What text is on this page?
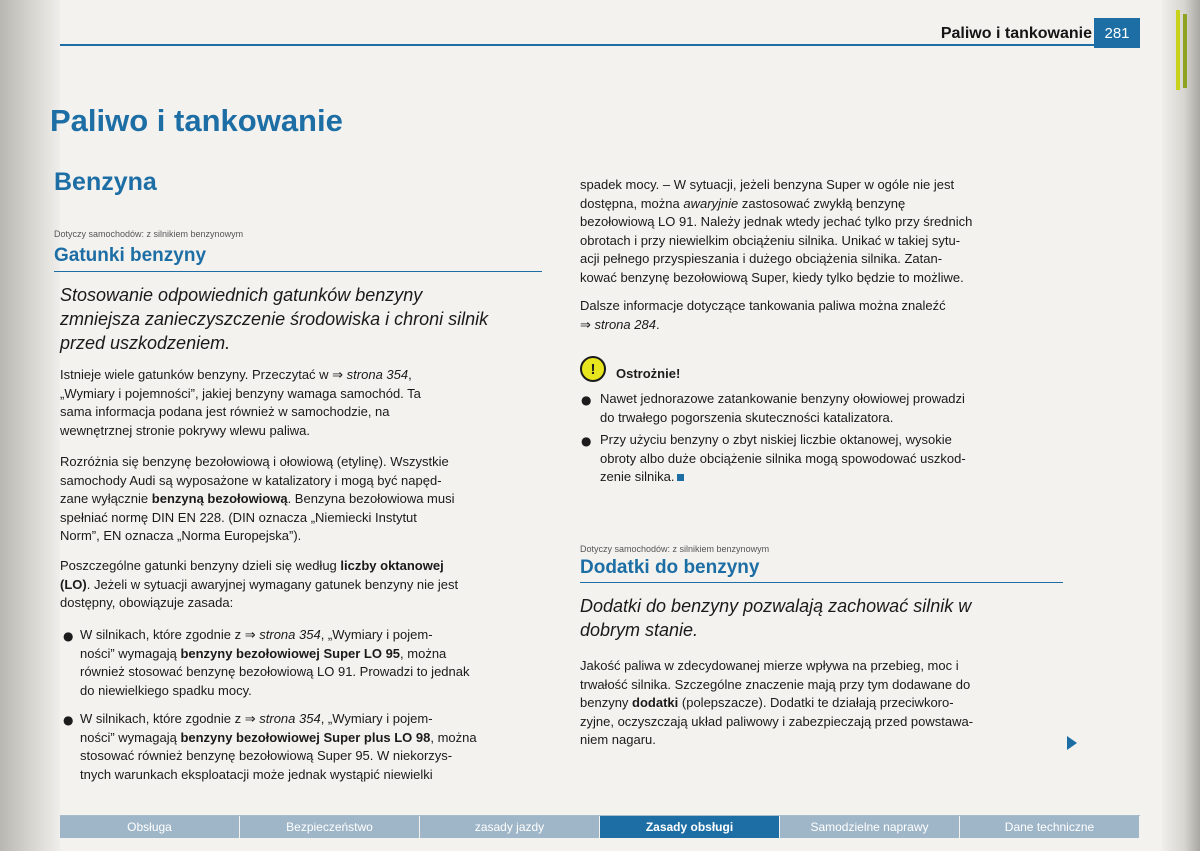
Paliwo i tankowanie 281
Paliwo i tankowanie
Benzyna
Dotyczy samochodów: z silnikiem benzynowym
Gatunki benzyny

Stosowanie odpowiednich gatunków benzyny
zmniejsza zanieczyszczenie środowiska i chroni silnik
przed uszkodzeniem.

Istnieje wiele gatunków benzyny. Przeczytać w ⇒ strona 354,
„Wymiary i pojemności”, jakiej benzyny wamaga samochód. Ta
sama informacja podana jest również w samochodzie, na
wewnętrznej stronie pokrywy wlewu paliwa.

Rozróżnia się benzynę bezołowiową i ołowiową (etylinę). Wszystkie
samochody Audi są wyposażone w katalizatory i mogą być napęd-
zane wyłącznie benzyną bezołowiową. Benzyna bezołowiowa musi
spełniać normę DIN EN 228. (DIN oznacza „Niemiecki Instytut
Norm”, EN oznacza „Norma Europejska”).

Poszczególne gatunki benzyny dzieli się według liczby oktanowej
(LO). Jeżeli w sytuacji awaryjnej wymagany gatunek benzyny nie jest
dostępny, obowiązuje zasada:

● W silnikach, które zgodnie z ⇒ strona 354, „Wymiary i pojem-
ności” wymagają benzyny bezołowiowej Super LO 95, można
również stosować benzynę bezołowiową LO 91. Prowadzi to jednak
do niewielkiego spadku mocy.

● W silnikach, które zgodnie z ⇒ strona 354, „Wymiary i pojem-
ności” wymagają benzyny bezołowiowej Super plus LO 98, można
stosować również benzynę bezołowiową Super 95. W niekorzys-
tnych warunkach eksploatacji może jednak wystąpić niewielki

spadek mocy. – W sytuacji, jeżeli benzyna Super w ogóle nie jest
dostępna, można awaryjnie zastosować zwykłą benzynę
bezołowiową LO 91. Należy jednak wtedy jechać tylko przy średnich
obrotach i przy niewielkim obciążeniu silnika. Unikać w takiej sytu-
acji pełnego przyspieszania i dużego obciążenia silnika. Zatan-
kować benzynę bezołowiową Super, kiedy tylko będzie to możliwe.

Dalsze informacje dotyczące tankowania paliwa można znaleźć
⇒ strona 284.

!	Ostrożnie!
● Nawet jednorazowe zatankowanie benzyny ołowiowej prowadzi
do trwałego pogorszenia skuteczności katalizatora.

● Przy użyciu benzyny o zbyt niskiej liczbie oktanowej, wysokie
obroty albo duże obciążenie silnika mogą spowodować uszkod-
zenie silnika.

Dotyczy samochodów: z silnikiem benzynowym
Dodatki do benzyny

Dodatki do benzyny pozwalają zachować silnik w
dobrym stanie.

Jakość paliwa w zdecydowanej mierze wpływa na przebieg, moc i
trwałość silnika. Szczególne znaczenie mają przy tym dodawane do
benzyny dodatki (polepszacze). Dodatki te działają przeciwkoro-
zyjne, oczyszczają układ paliwowy i zabezpieczają przed powstawa-
niem nagaru.

Obsługa	Bezpieczeństwo	zasady jazdy	Zasady obsługi	Samodzielne naprawy	Dane techniczne
